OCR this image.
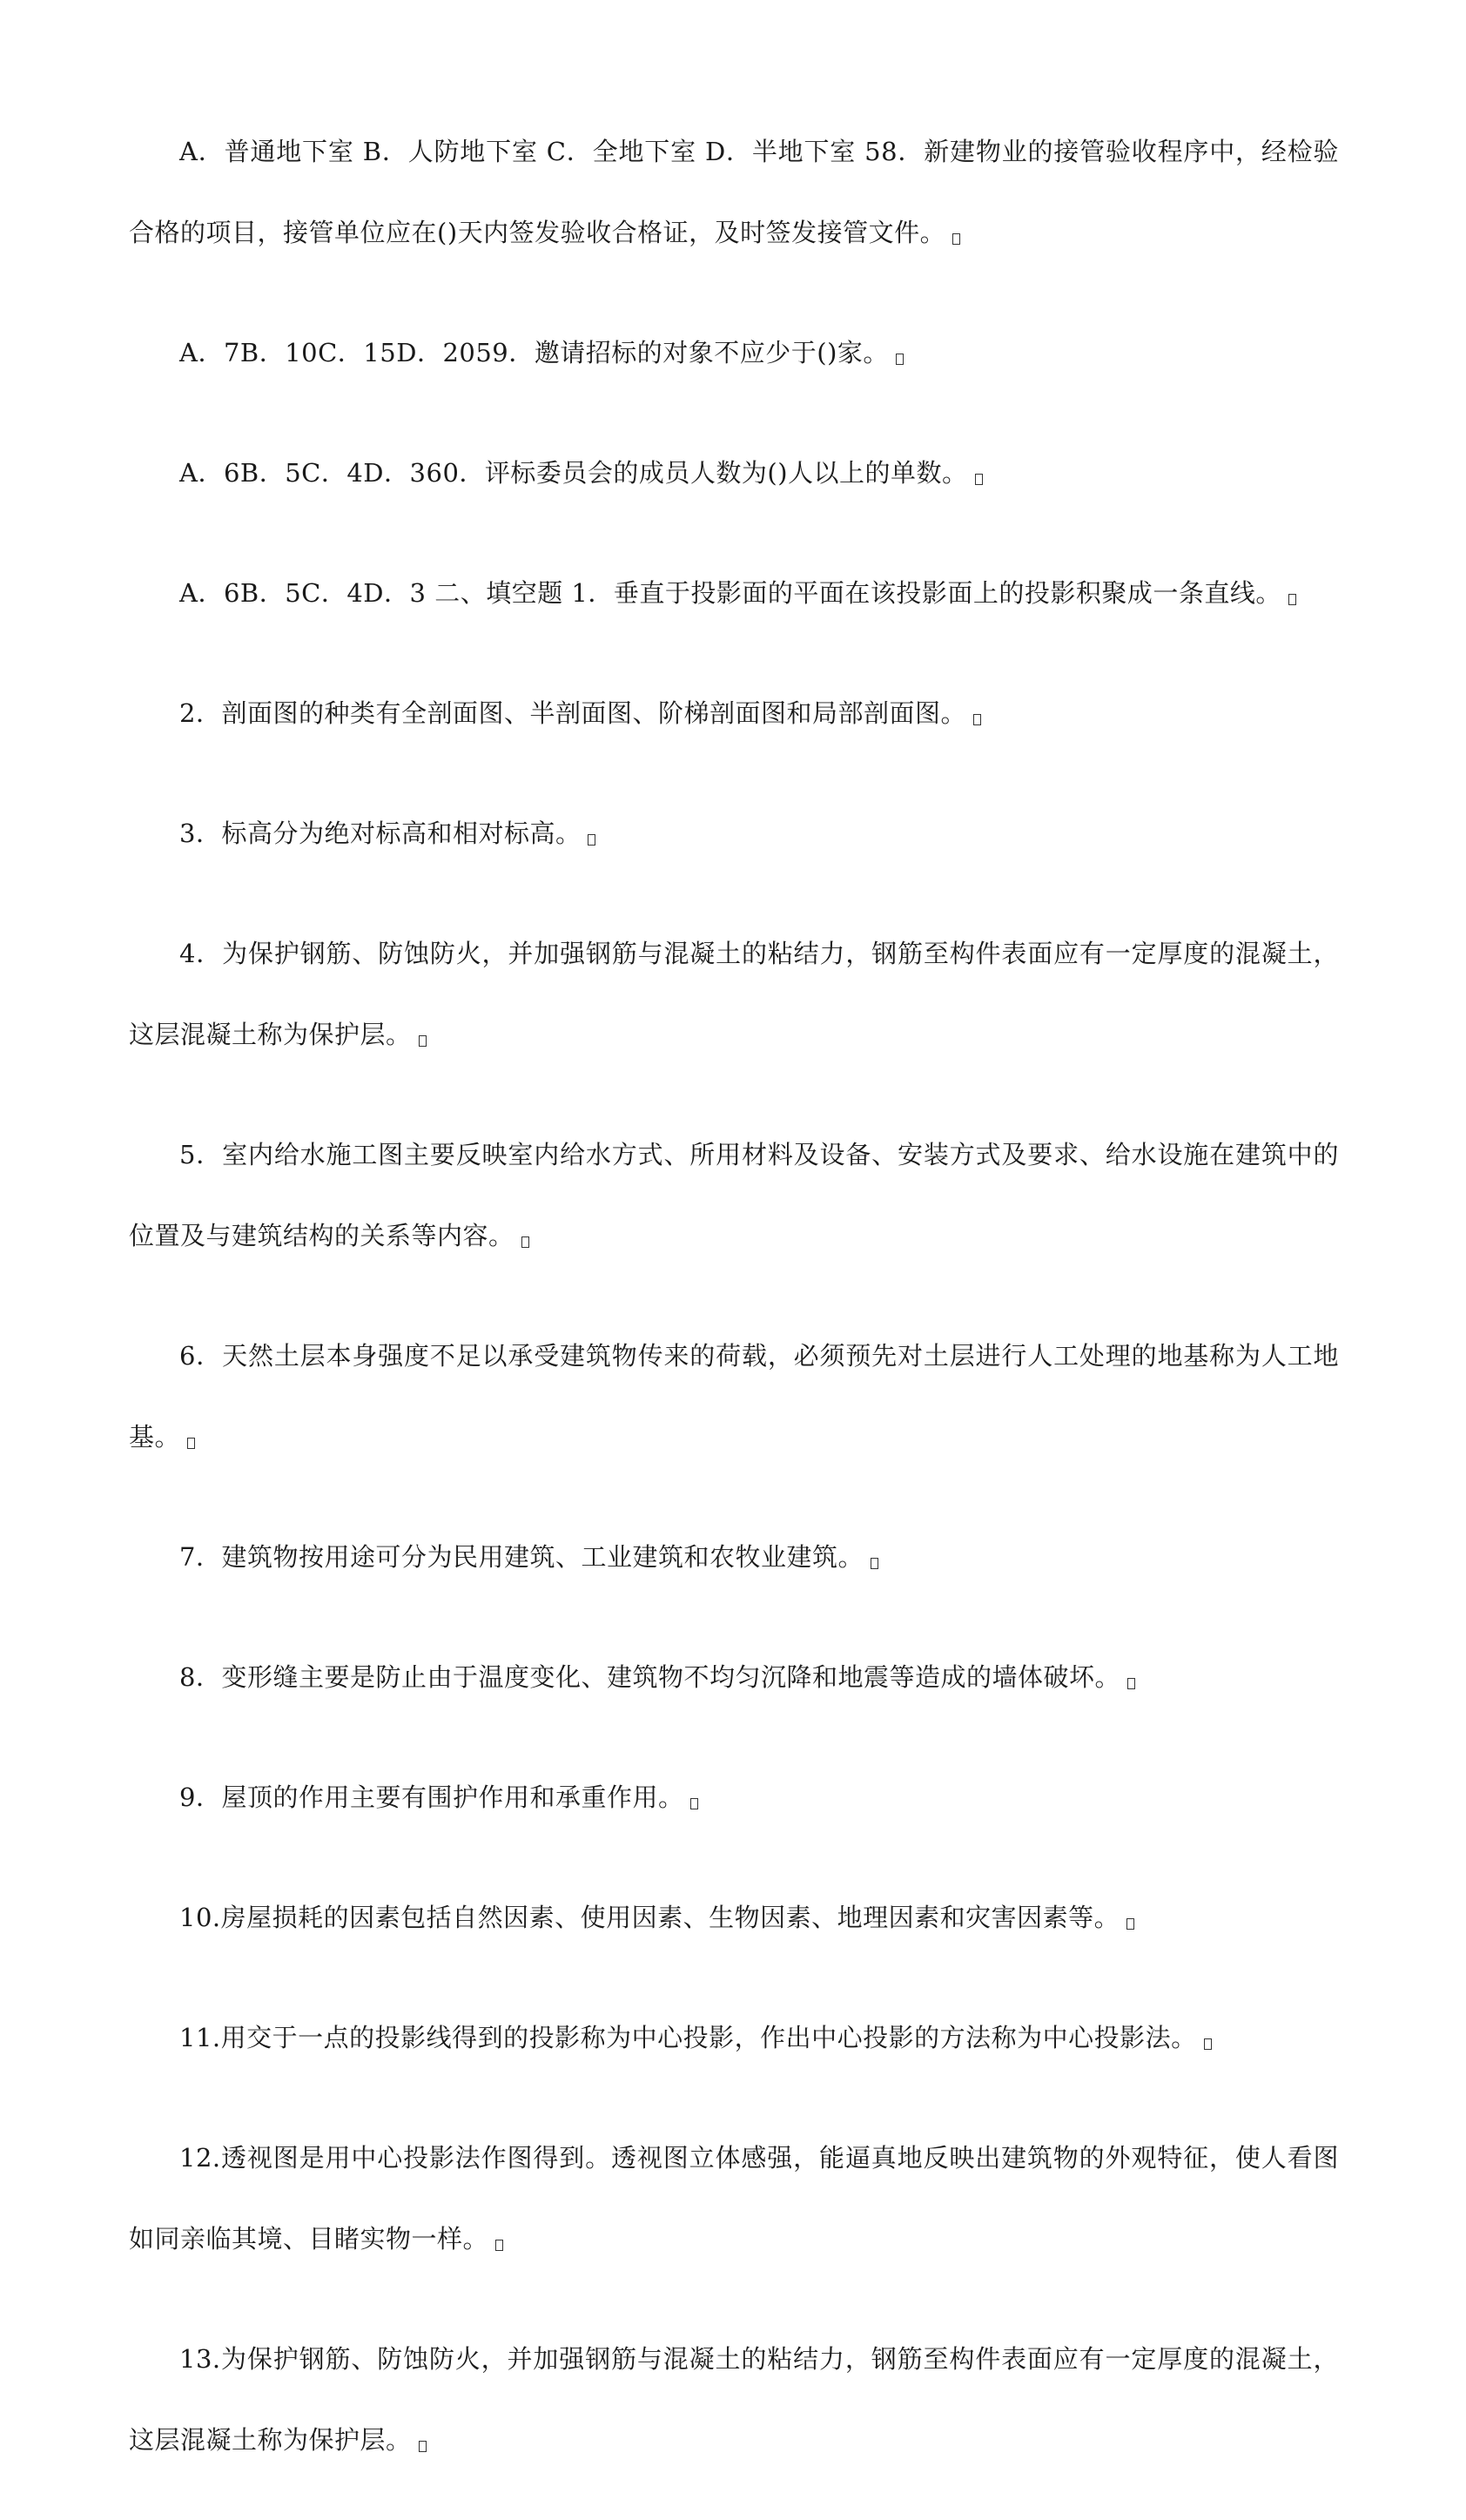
A．普通地下室 B．人防地下室 C．全地下室 D．半地下室 58．新建物业的接管验收程序中，经检验合格的项目，接管单位应在()天内签发验收合格证，及时签发接管文件。

A．7B．10C．15D．2059．邀请招标的对象不应少于()家。

A．6B．5C．4D．360．评标委员会的成员人数为()人以上的单数。

A．6B．5C．4D．3 二、填空题 1．垂直于投影面的平面在该投影面上的投影积聚成一条直线。

2．剖面图的种类有全剖面图、半剖面图、阶梯剖面图和局部剖面图。

3．标高分为绝对标高和相对标高。

4．为保护钢筋、防蚀防火，并加强钢筋与混凝土的粘结力，钢筋至构件表面应有一定厚度的混凝土，这层混凝土称为保护层。

5．室内给水施工图主要反映室内给水方式、所用材料及设备、安装方式及要求、给水设施在建筑中的位置及与建筑结构的关系等内容。

6．天然土层本身强度不足以承受建筑物传来的荷载，必须预先对土层进行人工处理的地基称为人工地基。

7．建筑物按用途可分为民用建筑、工业建筑和农牧业建筑。

8．变形缝主要是防止由于温度变化、建筑物不均匀沉降和地震等造成的墙体破坏。

9．屋顶的作用主要有围护作用和承重作用。

10.房屋损耗的因素包括自然因素、使用因素、生物因素、地理因素和灾害因素等。

11.用交于一点的投影线得到的投影称为中心投影，作出中心投影的方法称为中心投影法。

12.透视图是用中心投影法作图得到。透视图立体感强，能逼真地反映出建筑物的外观特征，使人看图如同亲临其境、目睹实物一样。

13.为保护钢筋、防蚀防火，并加强钢筋与混凝土的粘结力，钢筋至构件表面应有一定厚度的混凝土，这层混凝土称为保护层。
